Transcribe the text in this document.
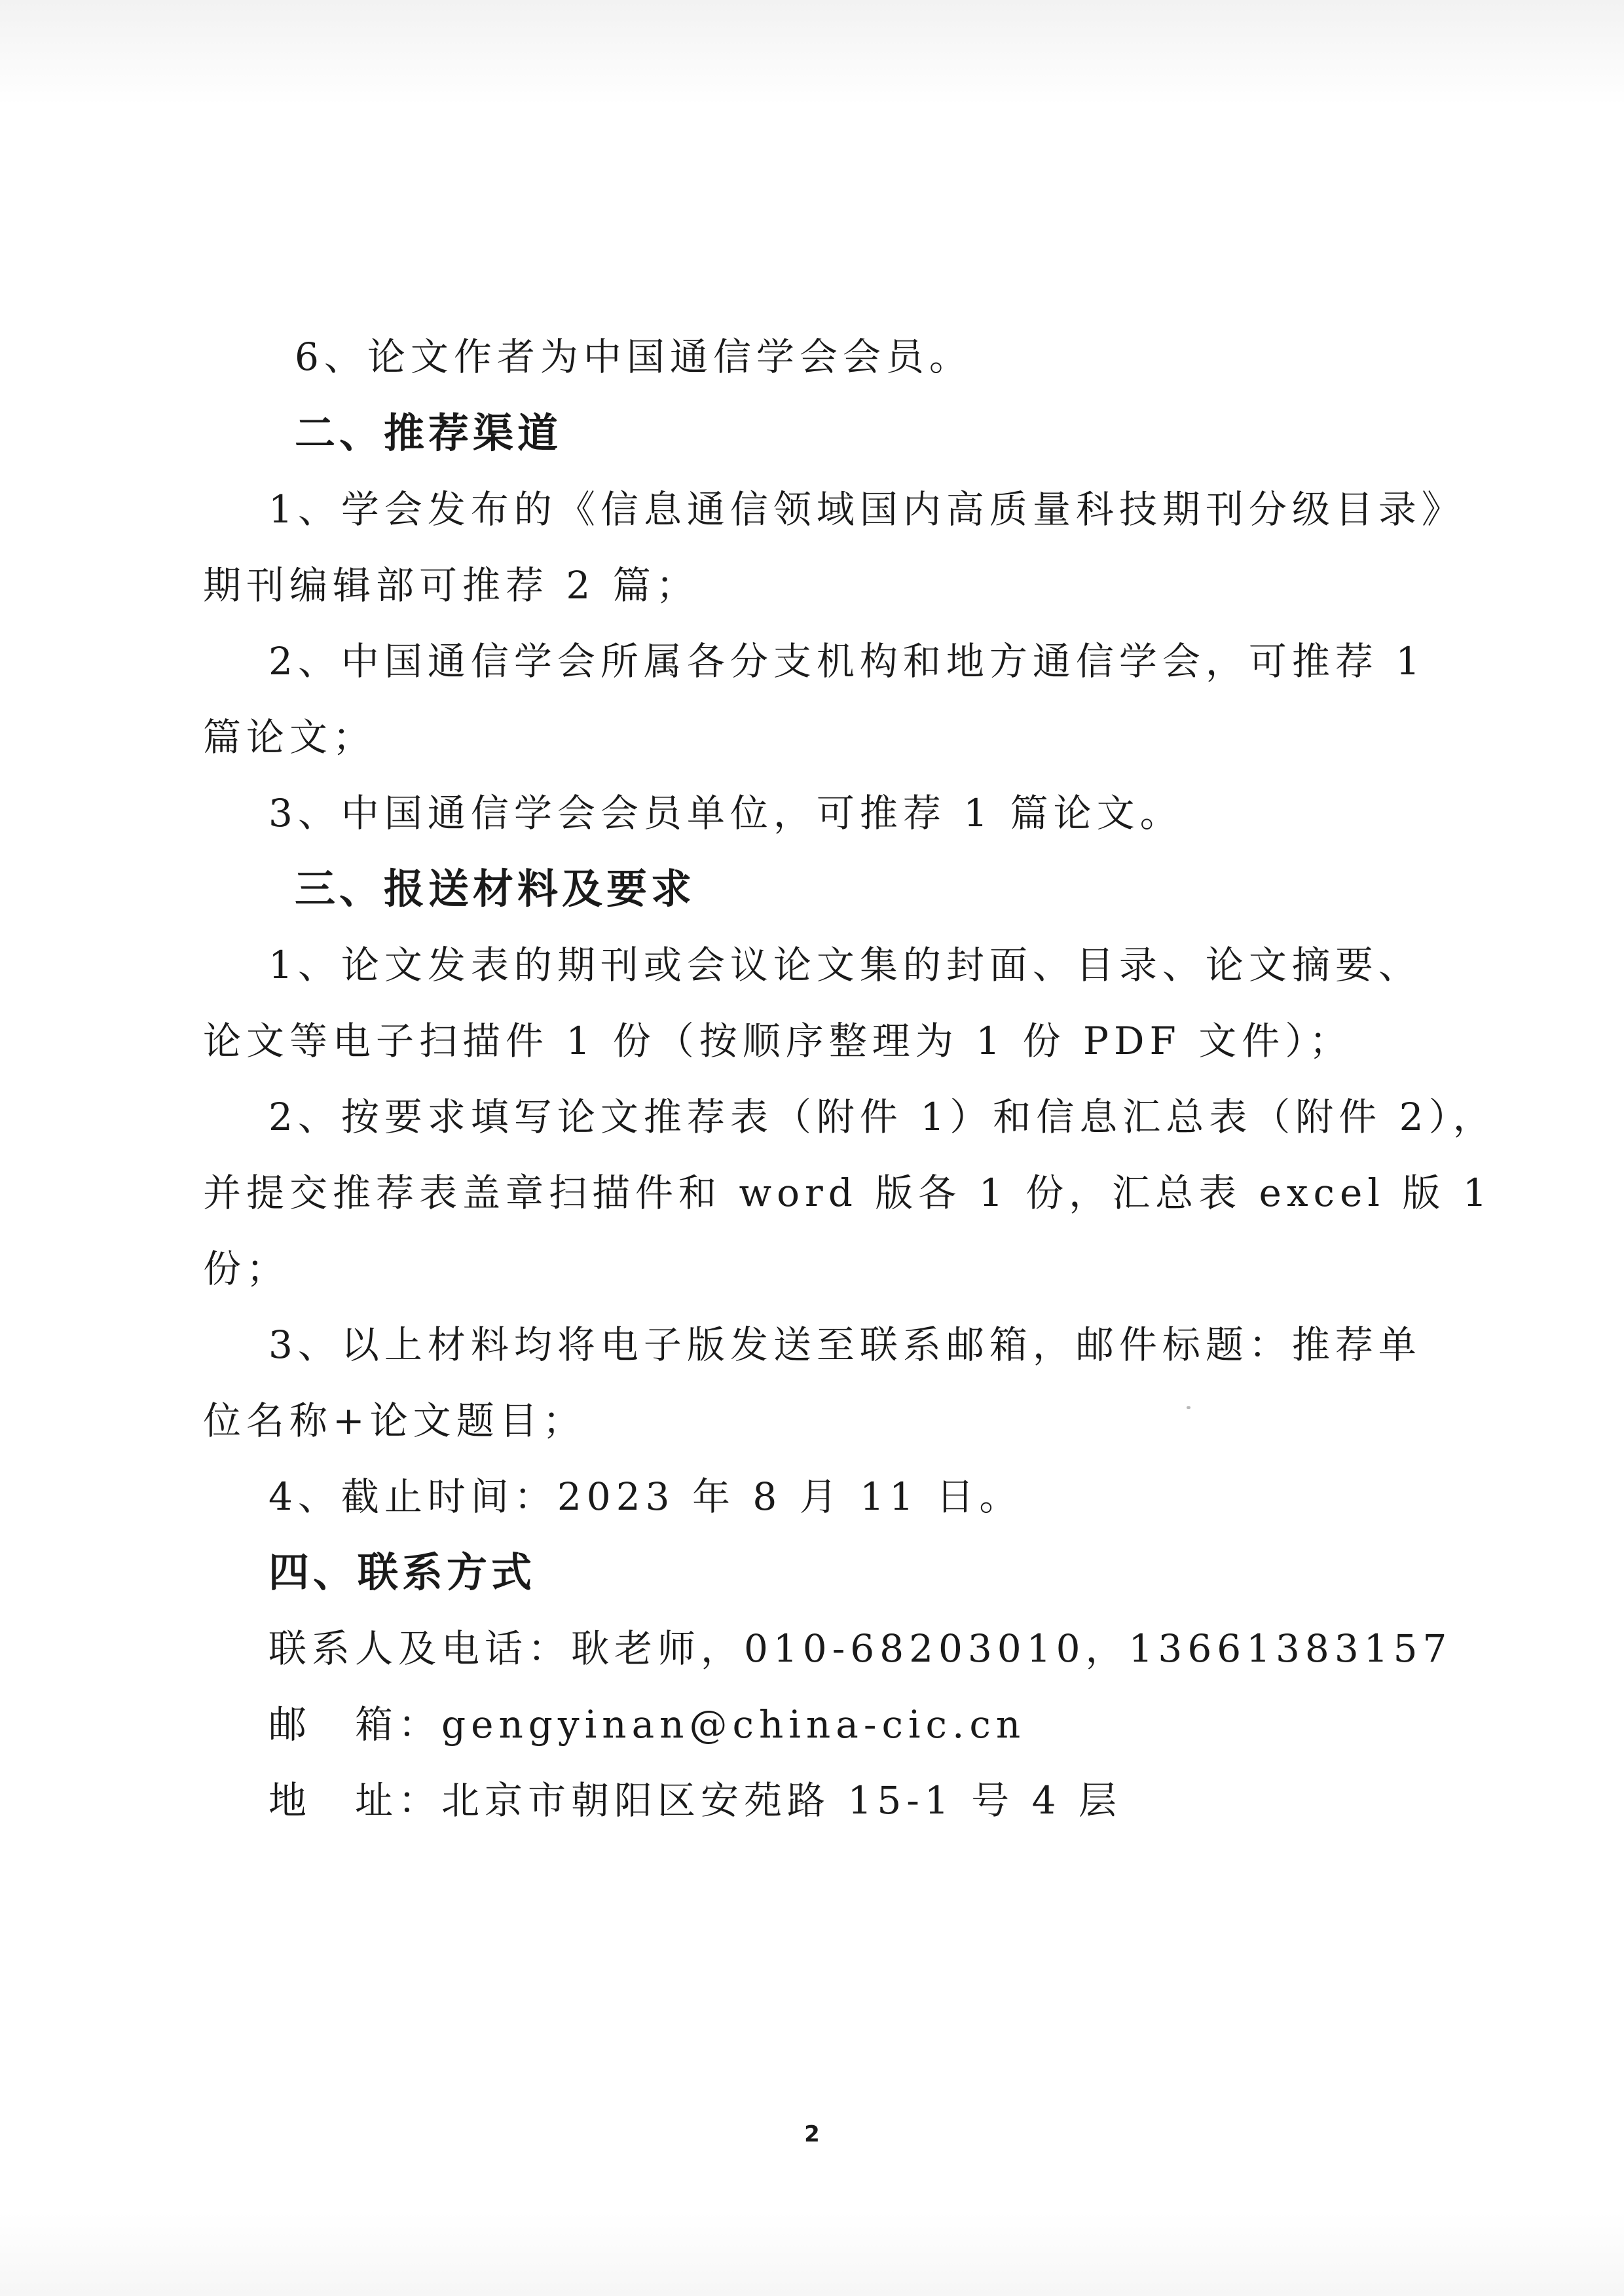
6、论文作者为中国通信学会会员。
二、推荐渠道
1、学会发布的《信息通信领域国内高质量科技期刊分级目录》
期刊编辑部可推荐 2 篇；
2、中国通信学会所属各分支机构和地方通信学会，可推荐 1
篇论文；
3、中国通信学会会员单位，可推荐 1 篇论文。
三、报送材料及要求
1、论文发表的期刊或会议论文集的封面、目录、论文摘要、
论文等电子扫描件 1 份（按顺序整理为 1 份 PDF 文件）；
2、按要求填写论文推荐表（附件 1）和信息汇总表（附件 2），
并提交推荐表盖章扫描件和 word 版各 1 份，汇总表 excel 版 1
份；
3、以上材料均将电子版发送至联系邮箱，邮件标题：推荐单
位名称+论文题目；
4、截止时间：2023 年 8 月 11 日。
四、联系方式
联系人及电话：耿老师，010-68203010，13661383157
邮　箱：gengyinan@china-cic.cn
地　址：北京市朝阳区安苑路 15-1 号 4 层
2
